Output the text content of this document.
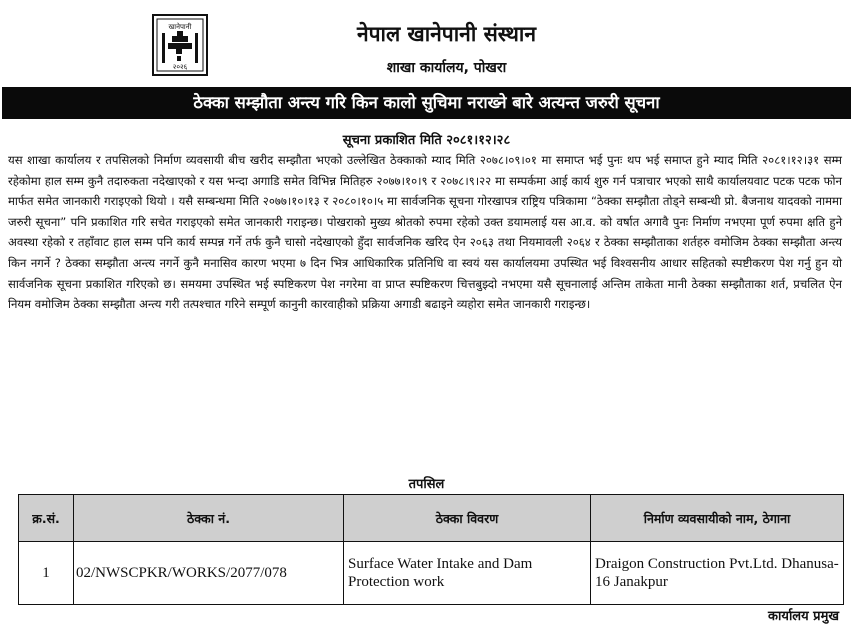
खानेपानी
२०२६
नेपाल खानेपानी संस्थान
शाखा कार्यालय, पोखरा
ठेक्का सम्झौता अन्त्य गरि किन कालो सुचिमा नराख्ने बारे अत्यन्त जरुरी सूचना
सूचना प्रकाशित मिति २०८१।१२।२८
यस शाखा कार्यालय र तपसिलको निर्माण व्यवसायी बीच खरीद सम्झौता भएको उल्लेखित ठेक्काको म्याद मिति २०७८।०९।०१ मा समाप्त भई पुनः थप भई समाप्त हुने म्याद मिति २०८१।१२।३१ सम्म रहेकोमा हाल सम्म कुनै तदारुकता नदेखाएको र यस भन्दा अगाडि समेत विभिन्न मितिहरु २०७७।१०।९ र २०७८।९।२२ मा सम्पर्कमा आई कार्य शुरु गर्न पत्राचार भएको साथै कार्यालयवाट पटक पटक फोन मार्फत समेत जानकारी गराइएको थियो । यसै सम्बन्धमा मिति २०७७।१०।१३ र २०८०।१०।५ मा सार्वजनिक सूचना गोरखापत्र राष्ट्रिय पत्रिकामा “ठेक्का सम्झौता तोड्ने सम्बन्धी प्रो. बैजनाथ यादवको नाममा जरुरी सूचना” पनि प्रकाशित गरि सचेत गराइएको समेत जानकारी गराइन्छ। पोखराको मुख्य श्रोतको रुपमा रहेको उक्त डयामलाई यस आ.व. को वर्षात अगावै पुनः निर्माण नभएमा पूर्ण रुपमा क्षति हुने अवस्था रहेको र तहाँवाट हाल सम्म पनि कार्य सम्पन्न गर्ने तर्फ कुनै चासो नदेखाएको हुँदा सार्वजनिक खरिद ऐन २०६३ तथा नियमावली २०६४ र ठेक्का सम्झौताका शर्तहरु वमोजिम ठेक्का सम्झौता अन्त्य किन नगर्ने ? ठेक्का सम्झौता अन्त्य नगर्ने कुनै मनासिव कारण भएमा ७ दिन भित्र आधिकारिक प्रतिनिधि वा स्वयं यस कार्यालयमा उपस्थित भई विश्वसनीय आधार सहितको स्पष्टीकरण पेश गर्नु हुन यो सार्वजनिक सूचना प्रकाशित गरिएको छ। समयमा उपस्थित भई स्पष्टिकरण पेश नगरेमा वा प्राप्त स्पष्टिकरण चित्तबुझ्दो नभएमा यसै सूचनालाई अन्तिम ताकेता मानी ठेक्का सम्झौताका शर्त, प्रचलित ऐन नियम वमोजिम ठेक्का सम्झौता अन्त्य गरी तत्पश्चात गरिने सम्पूर्ण कानुनी कारवाहीको प्रक्रिया अगाडी बढाइने व्यहोरा समेत जानकारी गराइन्छ।
तपसिल
क्र.सं.	ठेक्का नं.	ठेक्का विवरण	निर्माण व्यवसायीको नाम, ठेगाना
1	02/NWSCPKR/WORKS/2077/078	Surface Water Intake and Dam Protection work	Draigon Construction Pvt.Ltd. Dhanusa-16 Janakpur
कार्यालय प्रमुख
